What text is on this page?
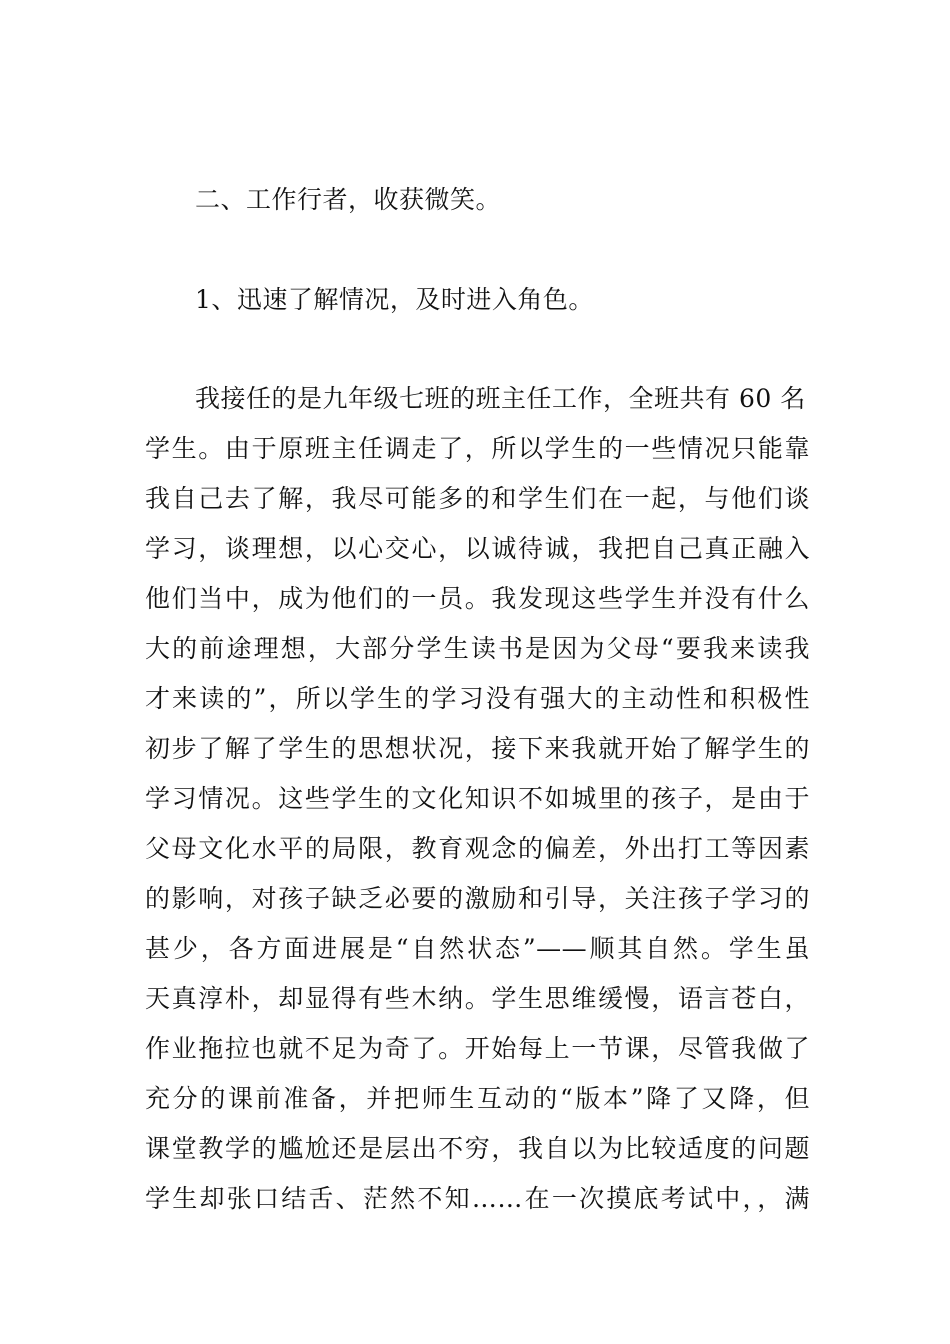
二、工作行者，收获微笑。
1、迅速了解情况，及时进入角色。
我接任的是九年级七班的班主任工作，全班共有 60 名
学生。由于原班主任调走了，所以学生的一些情况只能靠
我自己去了解，我尽可能多的和学生们在一起，与他们谈
学习，谈理想，以心交心，以诚待诚，我把自己真正融入
他们当中，成为他们的一员。我发现这些学生并没有什么
大的前途理想，大部分学生读书是因为父母“要我来读我
才来读的”，所以学生的学习没有强大的主动性和积极性
初步了解了学生的思想状况，接下来我就开始了解学生的
学习情况。这些学生的文化知识不如城里的孩子，是由于
父母文化水平的局限，教育观念的偏差，外出打工等因素
的影响，对孩子缺乏必要的激励和引导，关注孩子学习的
甚少，各方面进展是“自然状态”——顺其自然。学生虽
天真淳朴，却显得有些木纳。学生思维缓慢，语言苍白，
作业拖拉也就不足为奇了。开始每上一节课，尽管我做了
充分的课前准备，并把师生互动的“版本”降了又降，但
课堂教学的尴尬还是层出不穷，我自以为比较适度的问题
学生却张口结舌、茫然不知……在一次摸底考试中，，满
